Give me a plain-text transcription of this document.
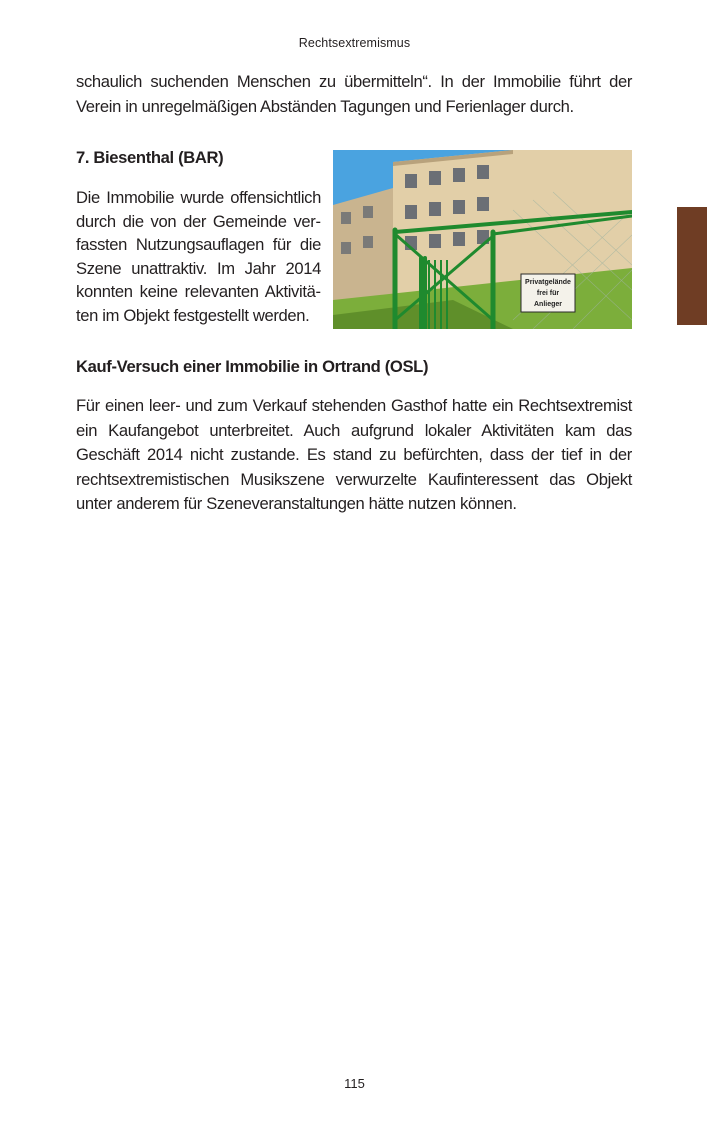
Rechtsextremismus

schaulich suchenden Menschen zu übermitteln“. In der Immobilie führt der Verein in unregelmäßigen Abständen Tagungen und Ferienlager durch.

7. Biesenthal (BAR)

Die Immobilie wurde offensichtlich durch die von der Gemeinde verfassten Nutzungsauflagen für die Szene unattraktiv. Im Jahr 2014 konnten keine relevanten Aktivitäten im Objekt festgestellt werden.

Privatgelände
frei für
Anlieger
Kauf-Versuch einer Immobilie in Ortrand (OSL)

Für einen leer- und zum Verkauf stehenden Gasthof hatte ein Rechtsextremist ein Kaufangebot unterbreitet. Auch aufgrund lokaler Aktivitäten kam das Geschäft 2014 nicht zustande. Es stand zu befürchten, dass der tief in der rechtsextremistischen Musikszene verwurzelte Kaufinteressent das Objekt unter anderem für Szeneveranstaltungen hätte nutzen können.

115
